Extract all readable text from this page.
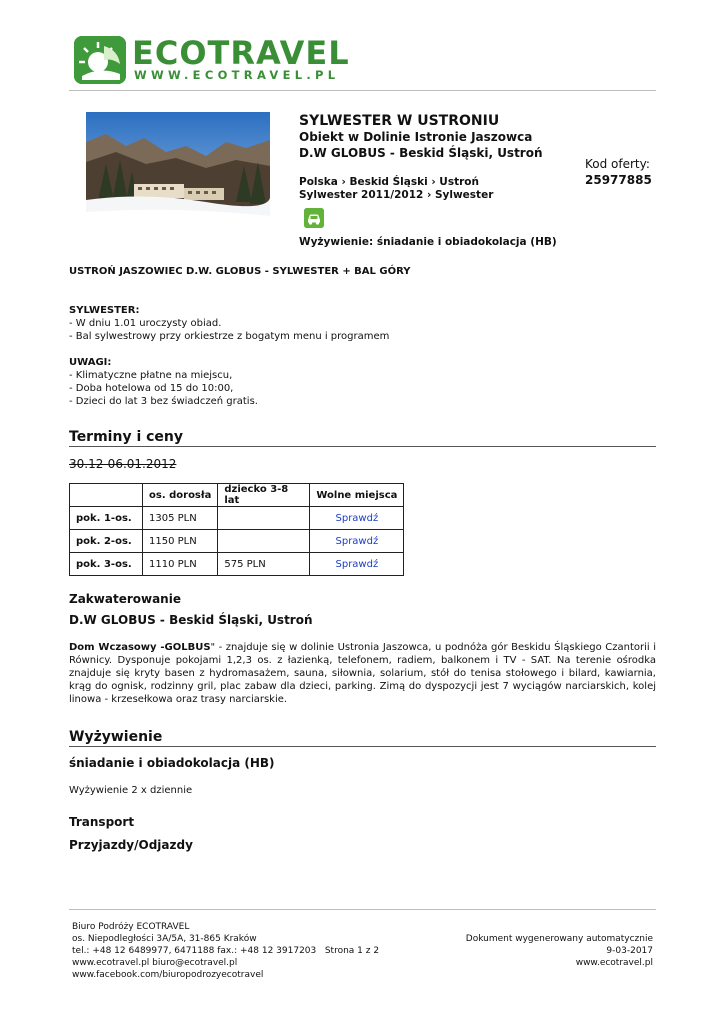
ECOTRAVEL
WWW.ECOTRAVEL.PL
SYLWESTER W USTRONIU
Obiekt w Dolinie Istronie Jaszowca
D.W GLOBUS - Beskid Śląski, Ustroń
Kod oferty:
25977885
Polska › Beskid Śląski › Ustroń
Sylwester 2011/2012 › Sylwester
Wyżywienie: śniadanie i obiadokolacja (HB)
USTROŃ JASZOWIEC D.W. GLOBUS - SYLWESTER + BAL GÓRY
SYLWESTER:
- W dniu 1.01 uroczysty obiad.
- Bal sylwestrowy przy orkiestrze z bogatym menu i programem
UWAGI:
- Klimatyczne płatne na miejscu,
- Doba hotelowa od 15 do 10:00,
- Dzieci do lat 3 bez świadczeń gratis.
Terminy i ceny
30.12-06.01.2012
	os. dorosła	dziecko 3-8 lat	Wolne miejsca
pok. 1-os.	1305 PLN		Sprawdź
pok. 2-os.	1150 PLN		Sprawdź
pok. 3-os.	1110 PLN	575 PLN	Sprawdź
Zakwaterowanie
D.W GLOBUS - Beskid Śląski, Ustroń
Dom Wczasowy -GOLBUS" - znajduje się w dolinie Ustronia Jaszowca, u podnóża gór Beskidu Śląskiego Czantorii i Równicy. Dysponuje pokojami 1,2,3 os. z łazienką, telefonem, radiem, balkonem i TV - SAT. Na terenie ośrodka znajduje się kryty basen z hydromasażem, sauna, siłownia, solarium, stół do tenisa stołowego i bilard, kawiarnia, krąg do ognisk, rodzinny gril, plac zabaw dla dzieci, parking. Zimą do dyspozycji jest 7 wyciągów narciarskich, kolej linowa - krzesełkowa oraz trasy narciarskie.
Wyżywienie
śniadanie i obiadokolacja (HB)
Wyżywienie 2 x dziennie
Transport
Przyjazdy/Odjazdy
Biuro Podróży ECOTRAVEL
os. Niepodległości 3A/5A, 31-865 Kraków
tel.: +48 12 6489977, 6471188 fax.: +48 12 3917203   Strona 1 z 2
www.ecotravel.pl biuro@ecotravel.pl
www.facebook.com/biuropodrozyecotravel
Dokument wygenerowany automatycznie
9-03-2017
www.ecotravel.pl
